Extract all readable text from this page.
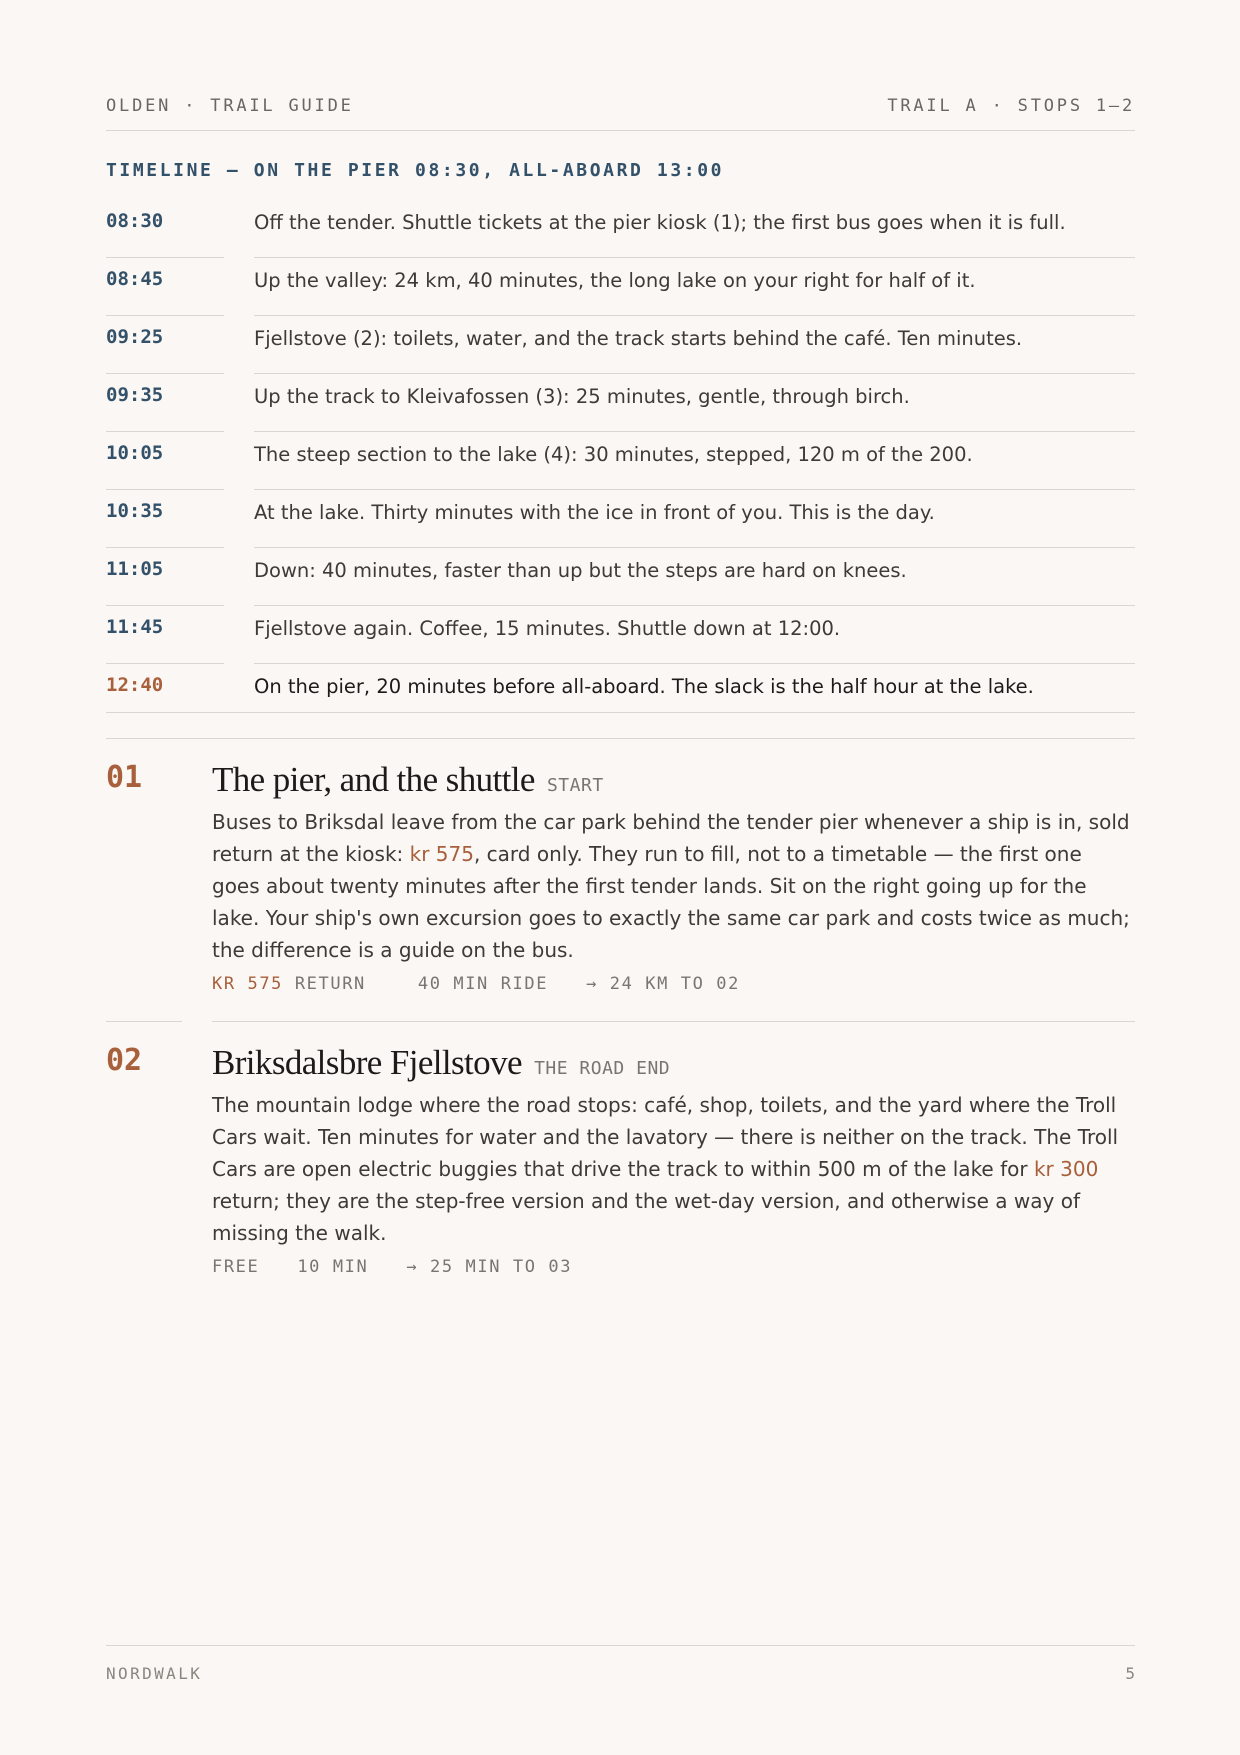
OLDEN · TRAIL GUIDE	TRAIL A · STOPS 1–2
TIMELINE — ON THE PIER 08:30, ALL-ABOARD 13:00
08:30	Off the tender. Shuttle tickets at the pier kiosk (1); the first bus goes when it is full.
08:45	Up the valley: 24 km, 40 minutes, the long lake on your right for half of it.
09:25	Fjellstove (2): toilets, water, and the track starts behind the café. Ten minutes.
09:35	Up the track to Kleivafossen (3): 25 minutes, gentle, through birch.
10:05	The steep section to the lake (4): 30 minutes, stepped, 120 m of the 200.
10:35	At the lake. Thirty minutes with the ice in front of you. This is the day.
11:05	Down: 40 minutes, faster than up but the steps are hard on knees.
11:45	Fjellstove again. Coffee, 15 minutes. Shuttle down at 12:00.
12:40	On the pier, 20 minutes before all-aboard. The slack is the half hour at the lake.
01	The pier, and the shuttle START
Buses to Briksdal leave from the car park behind the tender pier whenever a ship is in, sold return at the kiosk: kr 575, card only. They run to fill, not to a timetable — the first one goes about twenty minutes after the first tender lands. Sit on the right going up for the lake. Your ship's own excursion goes to exactly the same car park and costs twice as much; the difference is a guide on the bus.
KR 575 RETURN	40 MIN RIDE → 24 KM TO 02
02	Briksdalsbre Fjellstove THE ROAD END
The mountain lodge where the road stops: café, shop, toilets, and the yard where the Troll Cars wait. Ten minutes for water and the lavatory — there is neither on the track. The Troll Cars are open electric buggies that drive the track to within 500 m of the lake for kr 300 return; they are the step-free version and the wet-day version, and otherwise a way of missing the walk.
FREE 10 MIN → 25 MIN TO 03
NORDWALK	5
